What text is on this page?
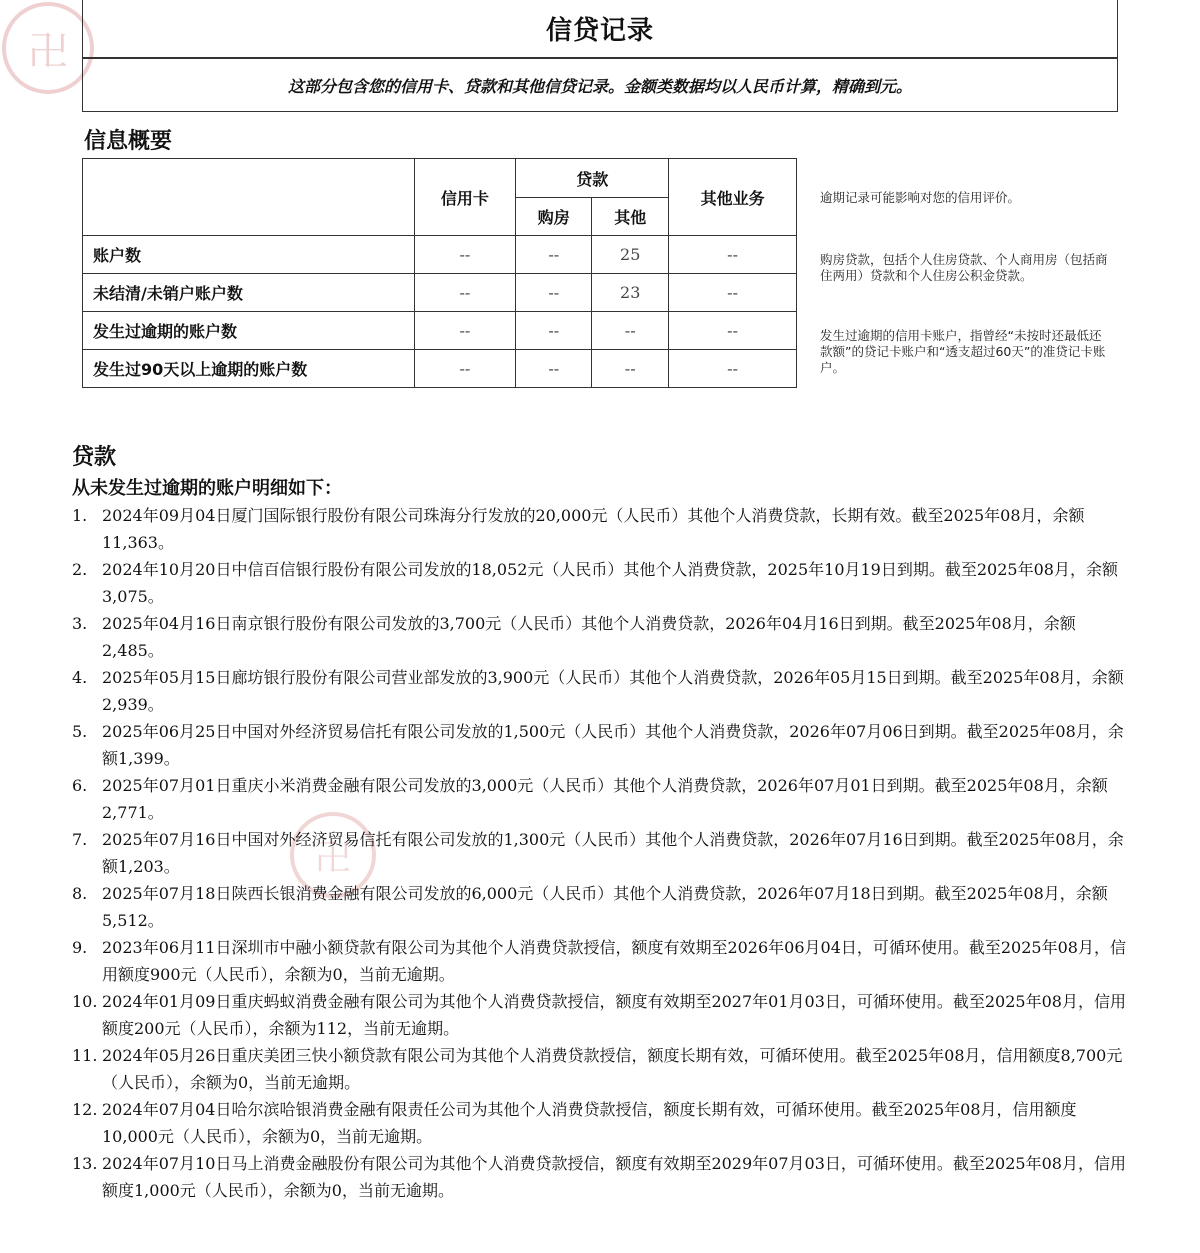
卍
卍
信贷记录
这部分包含您的信用卡、贷款和其他信贷记录。金额类数据均以人民币计算，精确到元。
信息概要
	信用卡	贷款		其他业务
		购房	其他	
账户数	--	--	25	--
未结清/未销户账户数	--	--	23	--
发生过逾期的账户数	--	--	--	--
发生过90天以上逾期的账户数	--	--	--	--
逾期记录可能影响对您的信用评价。
购房贷款，包括个人住房贷款、个人商用房（包括商住两用）贷款和个人住房公积金贷款。
发生过逾期的信用卡账户，指曾经“未按时还最低还款额”的贷记卡账户和“透支超过60天”的准贷记卡账户。
贷款
从未发生过逾期的账户明细如下：
1. 2024年09月04日厦门国际银行股份有限公司珠海分行发放的20,000元（人民币）其他个人消费贷款，长期有效。截至2025年08月，余额11,363。
2. 2024年10月20日中信百信银行股份有限公司发放的18,052元（人民币）其他个人消费贷款，2025年10月19日到期。截至2025年08月，余额3,075。
3. 2025年04月16日南京银行股份有限公司发放的3,700元（人民币）其他个人消费贷款，2026年04月16日到期。截至2025年08月，余额2,485。
4. 2025年05月15日廊坊银行股份有限公司营业部发放的3,900元（人民币）其他个人消费贷款，2026年05月15日到期。截至2025年08月，余额2,939。
5. 2025年06月25日中国对外经济贸易信托有限公司发放的1,500元（人民币）其他个人消费贷款，2026年07月06日到期。截至2025年08月，余额1,399。
6. 2025年07月01日重庆小米消费金融有限公司发放的3,000元（人民币）其他个人消费贷款，2026年07月01日到期。截至2025年08月，余额2,771。
7. 2025年07月16日中国对外经济贸易信托有限公司发放的1,300元（人民币）其他个人消费贷款，2026年07月16日到期。截至2025年08月，余额1,203。
8. 2025年07月18日陕西长银消费金融有限公司发放的6,000元（人民币）其他个人消费贷款，2026年07月18日到期。截至2025年08月，余额5,512。
9. 2023年06月11日深圳市中融小额贷款有限公司为其他个人消费贷款授信，额度有效期至2026年06月04日，可循环使用。截至2025年08月，信用额度900元（人民币），余额为0，当前无逾期。
10. 2024年01月09日重庆蚂蚁消费金融有限公司为其他个人消费贷款授信，额度有效期至2027年01月03日，可循环使用。截至2025年08月，信用额度200元（人民币），余额为112，当前无逾期。
11. 2024年05月26日重庆美团三快小额贷款有限公司为其他个人消费贷款授信，额度长期有效，可循环使用。截至2025年08月，信用额度8,700元（人民币），余额为0，当前无逾期。
12. 2024年07月04日哈尔滨哈银消费金融有限责任公司为其他个人消费贷款授信，额度长期有效，可循环使用。截至2025年08月，信用额度10,000元（人民币），余额为0，当前无逾期。
13. 2024年07月10日马上消费金融股份有限公司为其他个人消费贷款授信，额度有效期至2029年07月03日，可循环使用。截至2025年08月，信用额度1,000元（人民币），余额为0，当前无逾期。
